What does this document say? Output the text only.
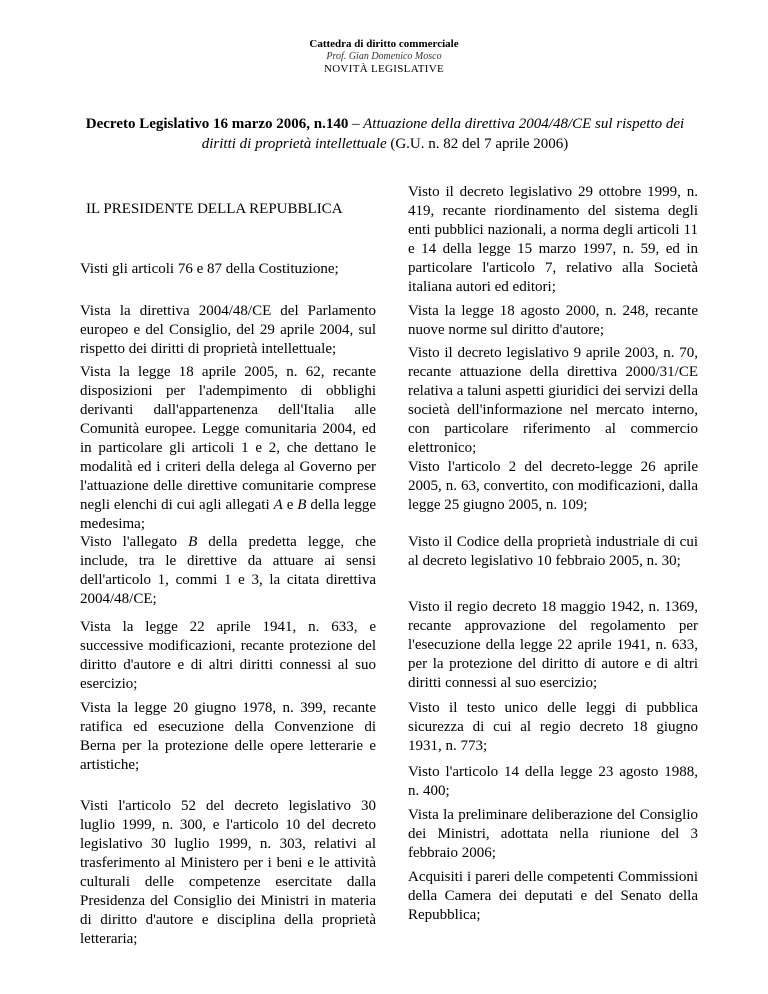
Cattedra di diritto commerciale
Prof. Gian Domenico Mosco
NOVITÀ LEGISLATIVE
Decreto Legislativo 16 marzo 2006, n.140 – Attuazione della direttiva 2004/48/CE sul rispetto dei diritti di proprietà intellettuale (G.U. n. 82 del 7 aprile 2006)

IL PRESIDENTE DELLA REPUBBLICA

Visti gli articoli 76 e 87 della Costituzione;

Vista la direttiva 2004/48/CE del Parlamento europeo e del Consiglio, del 29 aprile 2004, sul rispetto dei diritti di proprietà intellettuale;

Vista la legge 18 aprile 2005, n. 62, recante disposizioni per l'adempimento di obblighi derivanti dall'appartenenza dell'Italia alle Comunità europee. Legge comunitaria 2004, ed in particolare gli articoli 1 e 2, che dettano le modalità ed i criteri della delega al Governo per l'attuazione delle direttive comunitarie comprese negli elenchi di cui agli allegati A e B della legge medesima;

Visto l'allegato B della predetta legge, che include, tra le direttive da attuare ai sensi dell'articolo 1, commi 1 e 3, la citata direttiva 2004/48/CE;

Vista la legge 22 aprile 1941, n. 633, e successive modificazioni, recante protezione del diritto d'autore e di altri diritti connessi al suo esercizio;

Vista la legge 20 giugno 1978, n. 399, recante ratifica ed esecuzione della Convenzione di Berna per la protezione delle opere letterarie e artistiche;

Visti l'articolo 52 del decreto legislativo 30 luglio 1999, n. 300, e l'articolo 10 del decreto legislativo 30 luglio 1999, n. 303, relativi al trasferimento al Ministero per i beni e le attività culturali delle competenze esercitate dalla Presidenza del Consiglio dei Ministri in materia di diritto d'autore e disciplina della proprietà letteraria;

Visto il decreto legislativo 29 ottobre 1999, n. 419, recante riordinamento del sistema degli enti pubblici nazionali, a norma degli articoli 11 e 14 della legge 15 marzo 1997, n. 59, ed in particolare l'articolo 7, relativo alla Società italiana autori ed editori;

Vista la legge 18 agosto 2000, n. 248, recante nuove norme sul diritto d'autore;

Visto il decreto legislativo 9 aprile 2003, n. 70, recante attuazione della direttiva 2000/31/CE relativa a taluni aspetti giuridici dei servizi della società dell'informazione nel mercato interno, con particolare riferimento al commercio elettronico;

Visto l'articolo 2 del decreto-legge 26 aprile 2005, n. 63, convertito, con modificazioni, dalla legge 25 giugno 2005, n. 109;

Visto il Codice della proprietà industriale di cui al decreto legislativo 10 febbraio 2005, n. 30;

Visto il regio decreto 18 maggio 1942, n. 1369, recante approvazione del regolamento per l'esecuzione della legge 22 aprile 1941, n. 633, per la protezione del diritto di autore e di altri diritti connessi al suo esercizio;

Visto il testo unico delle leggi di pubblica sicurezza di cui al regio decreto 18 giugno 1931, n. 773;

Visto l'articolo 14 della legge 23 agosto 1988, n. 400;

Vista la preliminare deliberazione del Consiglio dei Ministri, adottata nella riunione del 3 febbraio 2006;

Acquisiti i pareri delle competenti Commissioni della Camera dei deputati e del Senato della Repubblica;
